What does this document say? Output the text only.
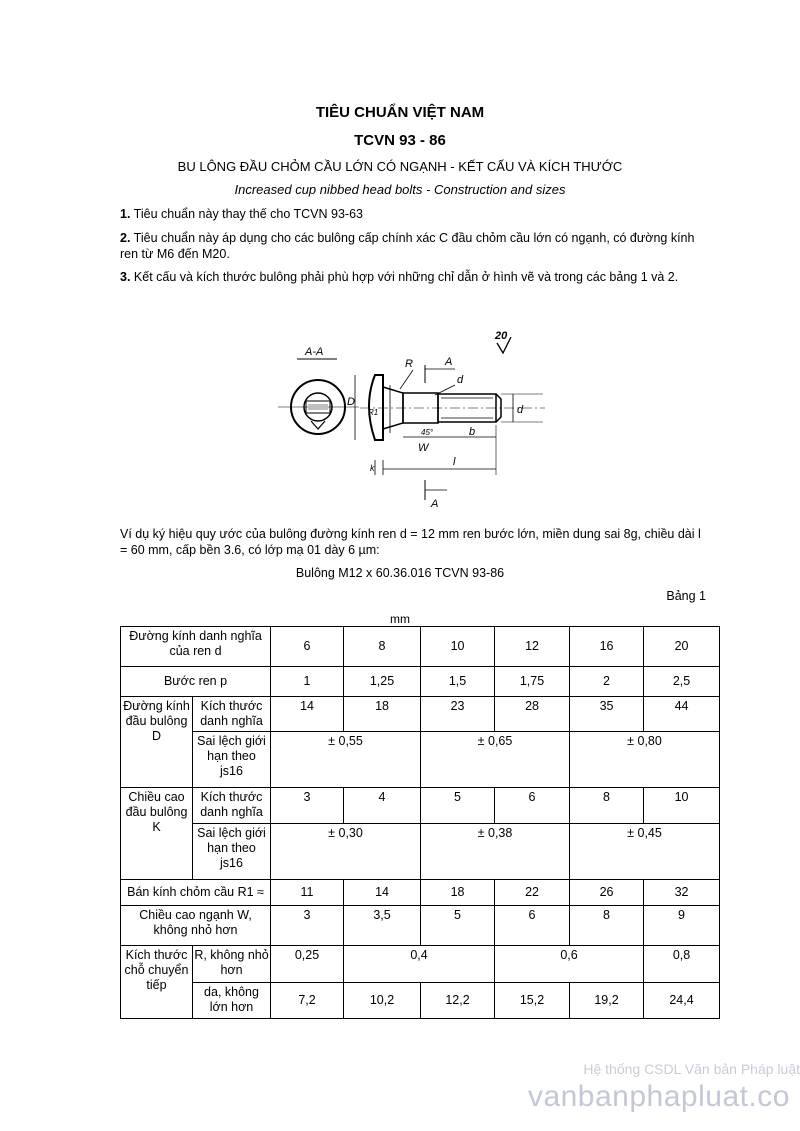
TIÊU CHUẨN VIỆT NAM
TCVN 93 - 86
BU LÔNG ĐẦU CHỎM CẦU LỚN CÓ NGẠNH - KẾT CẤU VÀ KÍCH THƯỚC
Increased cup nibbed head bolts - Construction and sizes
1. Tiêu chuẩn này thay thế cho TCVN 93-63
2. Tiêu chuẩn này áp dụng cho các bulông cấp chính xác C đầu chỏm cầu lớn có ngạnh, có đường kính ren từ M6 đến M20.
3. Kết cấu và kích thước bulông phải phù hợp với những chỉ dẫn ở hình vẽ và trong các bảng 1 và 2.
A-A
20
D
R
R1
A
A
d
d
45°
W
b
k	l
Ví dụ ký hiệu quy ước của bulông đường kính ren d = 12 mm ren bước lớn, miền dung sai 8g, chiều dài l = 60 mm, cấp bền 3.6, có lớp mạ 01 dày 6 µm:
Bulông M12 x 60.36.016 TCVN 93-86
Bảng 1
mm
Đường kính danh nghĩa của ren d		6	8	10	12	16	20
Bước ren p		1	1,25	1,5	1,75	2	2,5
Đường kính đầu bulông D	Kích thước danh nghĩa	14	18	23	28	35	44
	Sai lệch giới hạn theo js16	± 0,55		± 0,65		± 0,80	
Chiều cao đầu bulông K	Kích thước danh nghĩa	3	4	5	6	8	10
	Sai lệch giới hạn theo js16	± 0,30		± 0,38		± 0,45	
Bán kính chỏm cầu R1 ≈		11	14	18	22	26	32
Chiều cao ngạnh W, không nhỏ hơn		3	3,5	5	6	8	9
Kích thước chỗ chuyển tiếp	R, không nhỏ hơn	0,25	0,4		0,6		0,8
	da, không lớn hơn	7,2	10,2	12,2	15,2	19,2	24,4
Hệ thống CSDL Văn bản Pháp luật
vanbanphapluat.co
